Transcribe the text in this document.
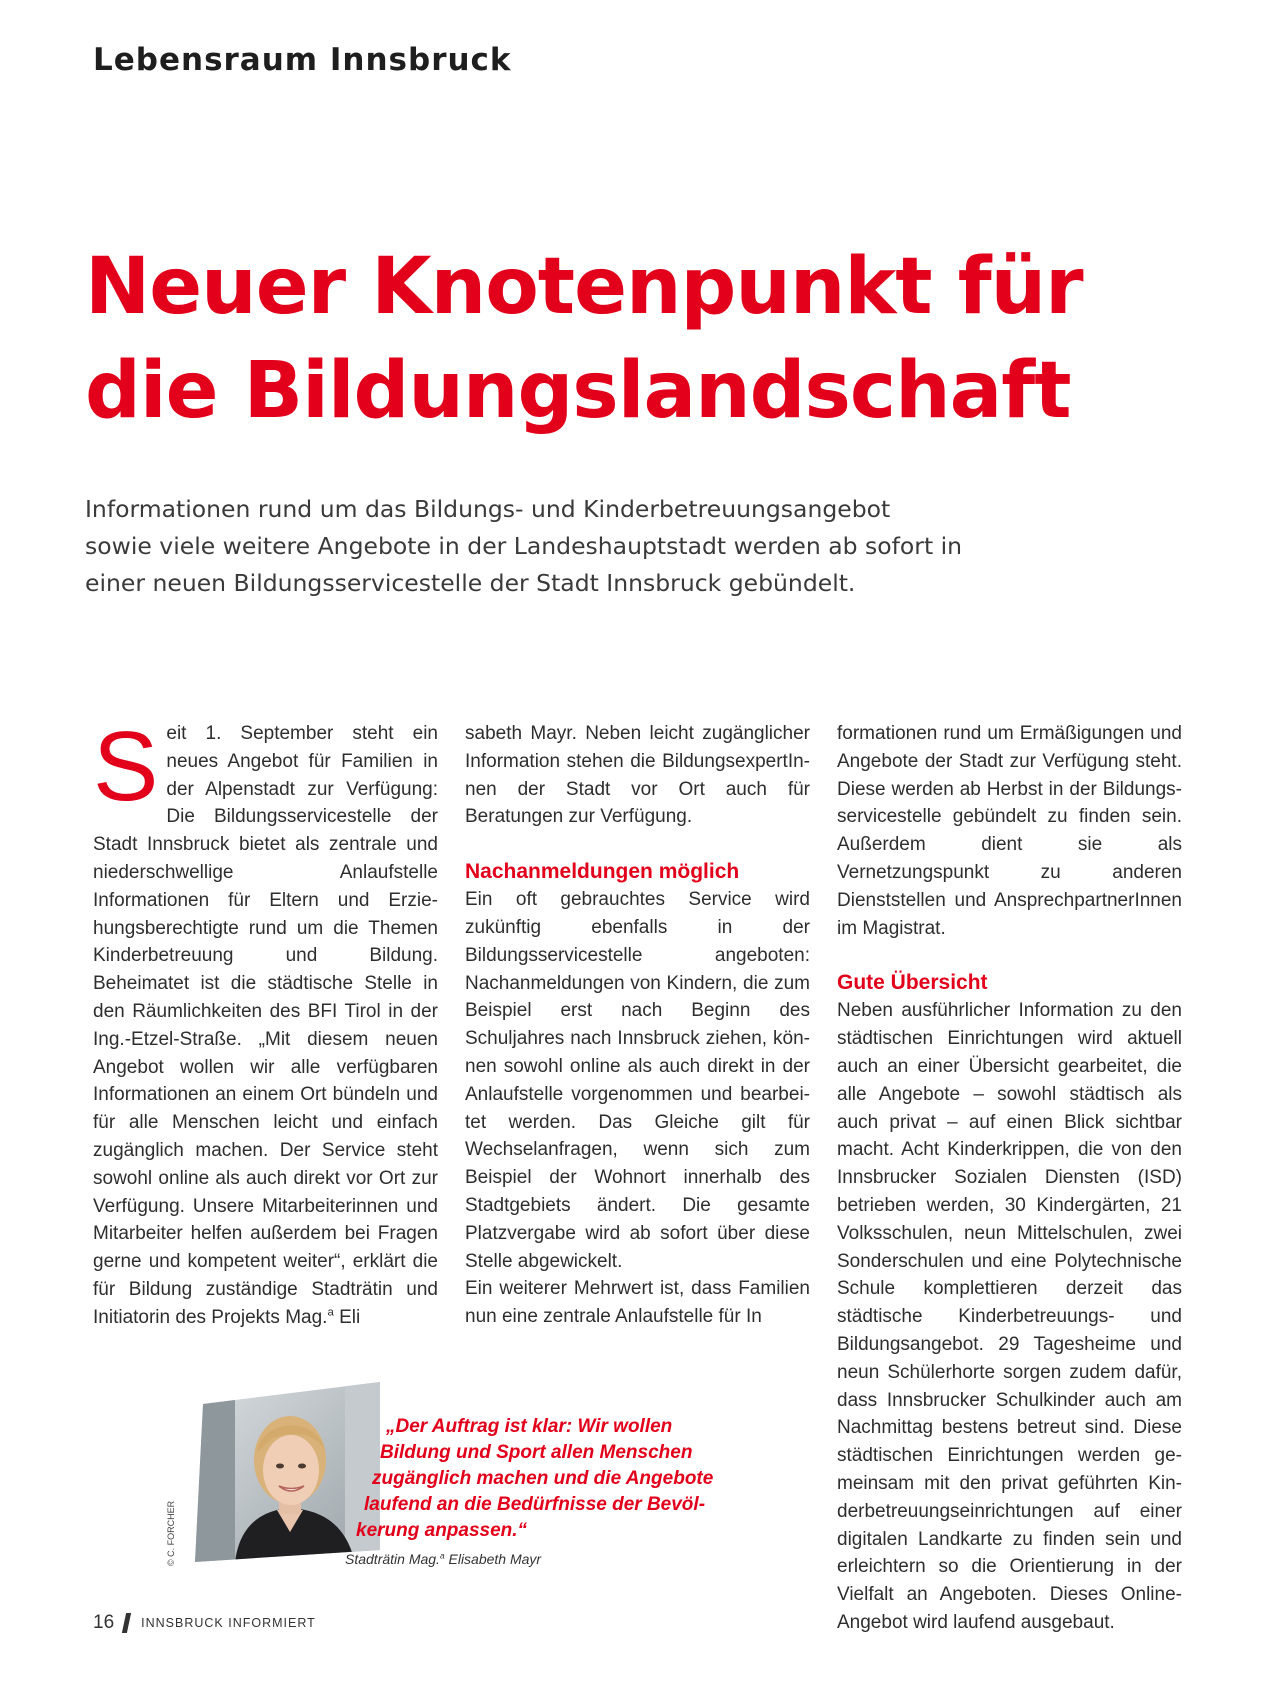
Lebensraum Innsbruck
Neuer Knotenpunkt für
die Bildungslandschaft

Informationen rund um das Bildungs- und Kinderbetreuungsangebot
sowie viele weitere Angebote in der Landeshauptstadt werden ab sofort in
einer neuen Bildungsservicestelle der Stadt Innsbruck gebündelt.

S eit 1. September steht ein neues Angebot für Familien in der Alpenstadt zur Verfügung: Die Bildungsservicestelle der Stadt Innsbruck bietet als zentrale und niederschwellige Anlaufstelle Informationen für Eltern und Erziehungsberechtigte rund um die Themen Kinderbetreuung und Bildung. Beheimatet ist die städtische Stelle in den Räumlichkeiten des BFI Tirol in der Ing.-Etzel-Straße. „Mit diesem neuen Angebot wollen wir alle verfügbaren Informationen an einem Ort bündeln und für alle Menschen leicht und einfach zugänglich machen. Der Service steht sowohl online als auch direkt vor Ort zur Verfügung. Unsere Mitarbeiterinnen und Mitarbeiter helfen außerdem bei Fragen gerne und kompetent weiter“, erklärt die für Bildung zuständige Stadträtin und Initiatorin des Projekts Mag.$^a$ Eli

sabeth Mayr. Neben leicht zugänglicher Information stehen die BildungsexpertInnen der Stadt vor Ort auch für Beratungen zur Verfügung.

Nachanmeldungen möglich

Ein oft gebrauchtes Service wird zukünftig ebenfalls in der Bildungsservicestelle angeboten: Nachanmeldungen von Kindern, die zum Beispiel erst nach Beginn des Schuljahres nach Innsbruck ziehen, können sowohl online als auch direkt in der Anlaufstelle vorgenommen und bearbeitet werden. Das Gleiche gilt für Wechselanfragen, wenn sich zum Beispiel der Wohnort innerhalb des Stadtgebiets ändert. Die gesamte Platzvergabe wird ab sofort über diese Stelle abgewickelt.

Ein weiterer Mehrwert ist, dass Familien nun eine zentrale Anlaufstelle für In

formationen rund um Ermäßigungen und Angebote der Stadt zur Verfügung steht. Diese werden ab Herbst in der Bildungsservicestelle gebündelt zu finden sein. Außerdem dient sie als Vernetzungspunkt zu anderen Dienststellen und AnsprechpartnerInnen im Magistrat.

Gute Übersicht

Neben ausführlicher Information zu den städtischen Einrichtungen wird aktuell auch an einer Übersicht gearbeitet, die alle Angebote – sowohl städtisch als auch privat – auf einen Blick sichtbar macht. Acht Kinderkrippen, die von den Innsbrucker Sozialen Diensten (ISD) betrieben werden, 30 Kindergärten, 21 Volksschulen, neun Mittelschulen, zwei Sonderschulen und eine Polytechnische Schule komplettieren derzeit das städtische Kinderbetreuungs- und Bildungsangebot. 29 Tagesheime und neun Schülerhorte sorgen zudem dafür, dass Innsbrucker Schulkinder auch am Nachmittag bestens betreut sind. Diese städtischen Einrichtungen werden gemeinsam mit den privat geführten Kinderbetreuungseinrichtungen auf einer digitalen Landkarte zu finden sein und erleichtern so die Orientierung in der Vielfalt an Angeboten. Dieses Online-Angebot wird laufend ausgebaut.

© C. FORCHER
„Der Auftrag ist klar: Wir wollen
Bildung und Sport allen Menschen
zugänglich machen und die Angebote
laufend an die Bedürfnisse der Bevöl-
kerung anpassen.“
Stadträtin Mag.$^a$ Elisabeth Mayr
16 INNSBRUCK INFORMIERT
